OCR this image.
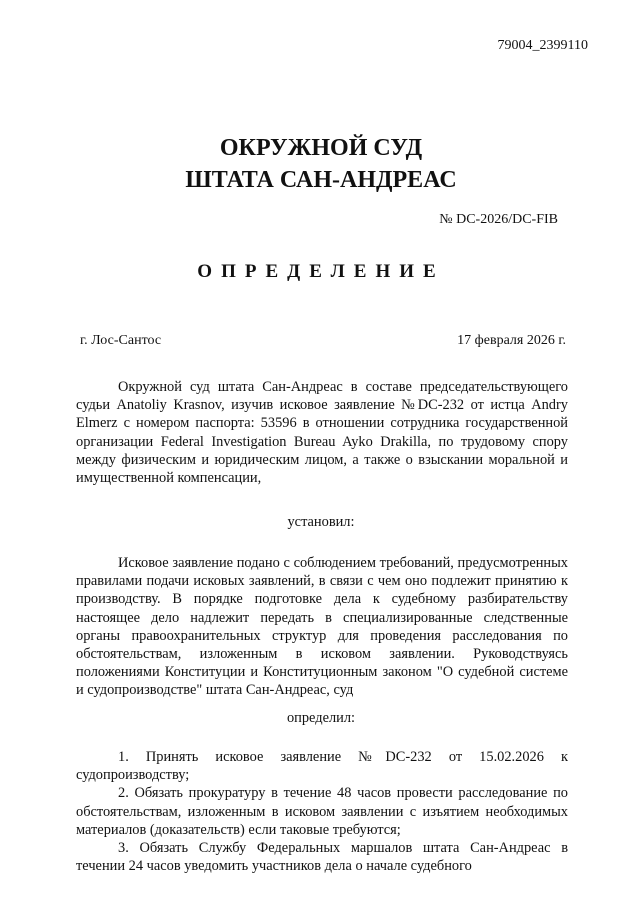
79004_2399110
ОКРУЖНОЙ СУД
ШТАТА САН-АНДРЕАС
№ DC-2026/DC-FIB
ОПРЕДЕЛЕНИЕ
г. Лос-Сантос	17 февраля 2026 г.
Окружной суд штата Сан-Андреас в составе председательствующего судьи Anatoliy Krasnov, изучив исковое заявление №DC-232 от истца Andry Elmerz с номером паспорта: 53596 в отношении сотрудника государственной организации Federal Investigation Bureau Ayko Drakilla, по трудовому спору между физическим и юридическим лицом, а также о взыскании моральной и имущественной компенсации,
установил:
Исковое заявление подано с соблюдением требований, предусмотренных правилами подачи исковых заявлений, в связи с чем оно подлежит принятию к производству. В порядке подготовке дела к судебному разбирательству настоящее дело надлежит передать в специализированные следственные органы правоохранительных структур для проведения расследования по обстоятельствам, изложенным в исковом заявлении. Руководствуясь положениями Конституции и Конституционным законом "О судебной системе и судопроизводстве" штата Сан-Андреас, суд
определил:
1. Принять исковое заявление №DC-232 от 15.02.2026 к судопроизводству;
2. Обязать прокуратуру в течение 48 часов провести расследование по обстоятельствам, изложенным в исковом заявлении с изъятием необходимых материалов (доказательств) если таковые требуются;
3. Обязать Службу Федеральных маршалов штата Сан-Андреас в течении 24 часов уведомить участников дела о начале судебного
